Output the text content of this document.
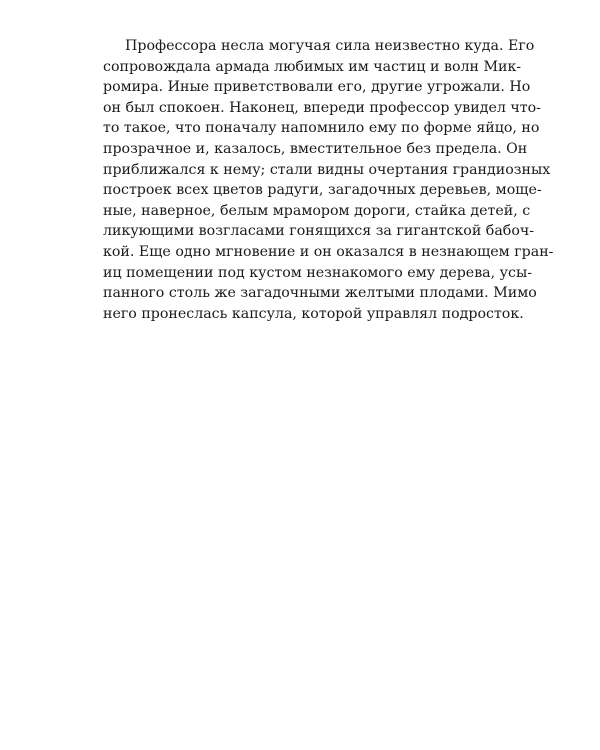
Профессора несла могучая сила неизвестно куда. Его
сопровождала армада любимых им частиц и волн Мик-
ромира. Иные приветствовали его, другие угрожали. Но
он был спокоен. Наконец, впереди профессор увидел что-
то такое, что поначалу напомнило ему по форме яйцо, но
прозрачное и, казалось, вместительное без предела. Он
приближался к нему; стали видны очертания грандиозных
построек всех цветов радуги, загадочных деревьев, моще-
ные, наверное, белым мрамором дороги, стайка детей, с
ликующими возгласами гонящихся за гигантской бабоч-
кой. Еще одно мгновение и он оказался в незнающем гран-
иц помещении под кустом незнакомого ему дерева, усы-
панного столь же загадочными желтыми плодами. Мимо
него пронеслась капсула, которой управлял подросток.
